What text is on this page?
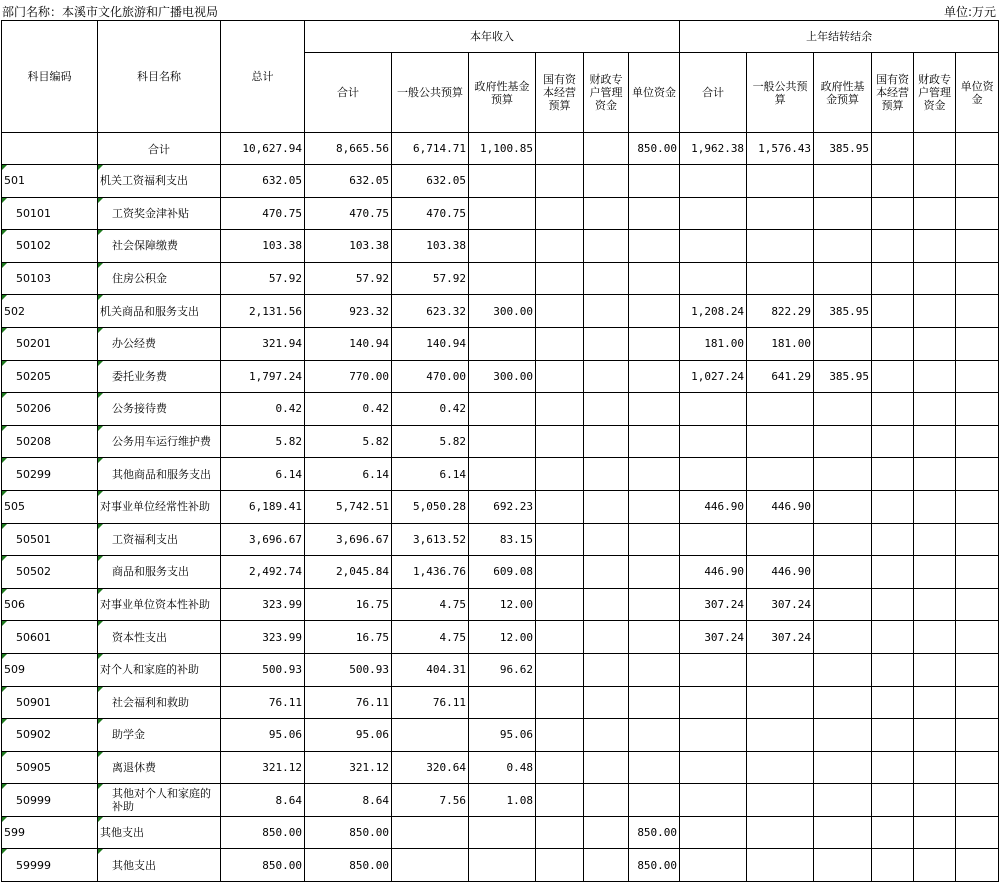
部门名称：本溪市文化旅游和广播电视局	单位:万元
科目编码	科目名称	总计	本年收入						上年结转结余					
			合计	一般公共预算	政府性基金预算	国有资本经营预算	财政专户管理资金	单位资金	合计	一般公共预算	政府性基金预算	国有资本经营预算	财政专户管理资金	单位资金
	合计	10,627.94	8,665.56	6,714.71	1,100.85			850.00	1,962.38	1,576.43	385.95			

501	机关工资福利支出	632.05	632.05	632.05										

50101	工资奖金津补贴	470.75	470.75	470.75										

50102	社会保障缴费	103.38	103.38	103.38										

50103	住房公积金	57.92	57.92	57.92										

502	机关商品和服务支出	2,131.56	923.32	623.32	300.00				1,208.24	822.29	385.95			

50201	办公经费	321.94	140.94	140.94					181.00	181.00				

50205	委托业务费	1,797.24	770.00	470.00	300.00				1,027.24	641.29	385.95			

50206	公务接待费	0.42	0.42	0.42										

50208	公务用车运行维护费	5.82	5.82	5.82										

50299	其他商品和服务支出	6.14	6.14	6.14										

505	对事业单位经常性补助	6,189.41	5,742.51	5,050.28	692.23				446.90	446.90				

50501	工资福利支出	3,696.67	3,696.67	3,613.52	83.15									

50502	商品和服务支出	2,492.74	2,045.84	1,436.76	609.08				446.90	446.90				

506	对事业单位资本性补助	323.99	16.75	4.75	12.00				307.24	307.24				

50601	资本性支出	323.99	16.75	4.75	12.00				307.24	307.24				

509	对个人和家庭的补助	500.93	500.93	404.31	96.62									

50901	社会福利和救助	76.11	76.11	76.11										

50902	助学金	95.06	95.06		95.06									

50905	离退休费	321.12	321.12	320.64	0.48									

50999	其他对个人和家庭的补助	8.64	8.64	7.56	1.08									

599	其他支出	850.00	850.00					850.00						

59999	其他支出	850.00	850.00					850.00						
